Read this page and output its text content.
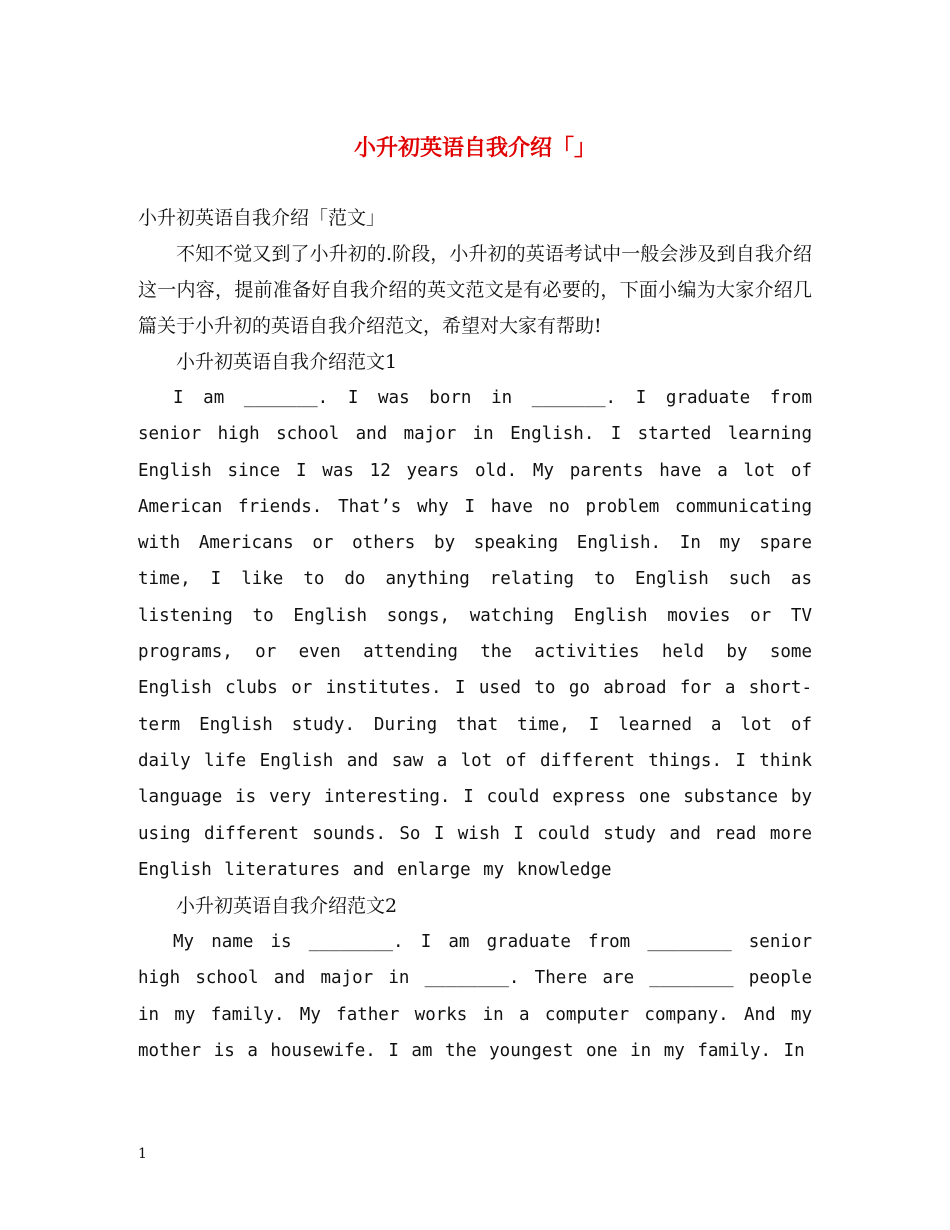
小升初英语自我介绍「」
小升初英语自我介绍「范文」

不知不觉又到了小升初的.阶段，小升初的英语考试中一般会涉及到自我介绍这一内容，提前准备好自我介绍的英文范文是有必要的，下面小编为大家介绍几篇关于小升初的英语自我介绍范文，希望对大家有帮助!

小升初英语自我介绍范文1

I am _______. I was born in _______. I graduate from senior high school and major in English. I started learning English since I was 12 years old. My parents have a lot of American friends. That’s why I have no problem communicating with Americans or others by speaking English. In my spare time, I like to do anything relating to English such as listening to English songs, watching English movies or TV programs, or even attending the activities held by some English clubs or institutes. I used to go abroad for a short-term English study. During that time, I learned a lot of daily life English and saw a lot of different things. I think language is very interesting. I could express one substance by using different sounds. So I wish I could study and read more English literatures and enlarge my knowledge

小升初英语自我介绍范文2

My name is ________. I am graduate from ________ senior high school and major in ________. There are ________ people in my family. My father works in a computer company. And my mother is a housewife. I am the youngest one in my family. In

1
